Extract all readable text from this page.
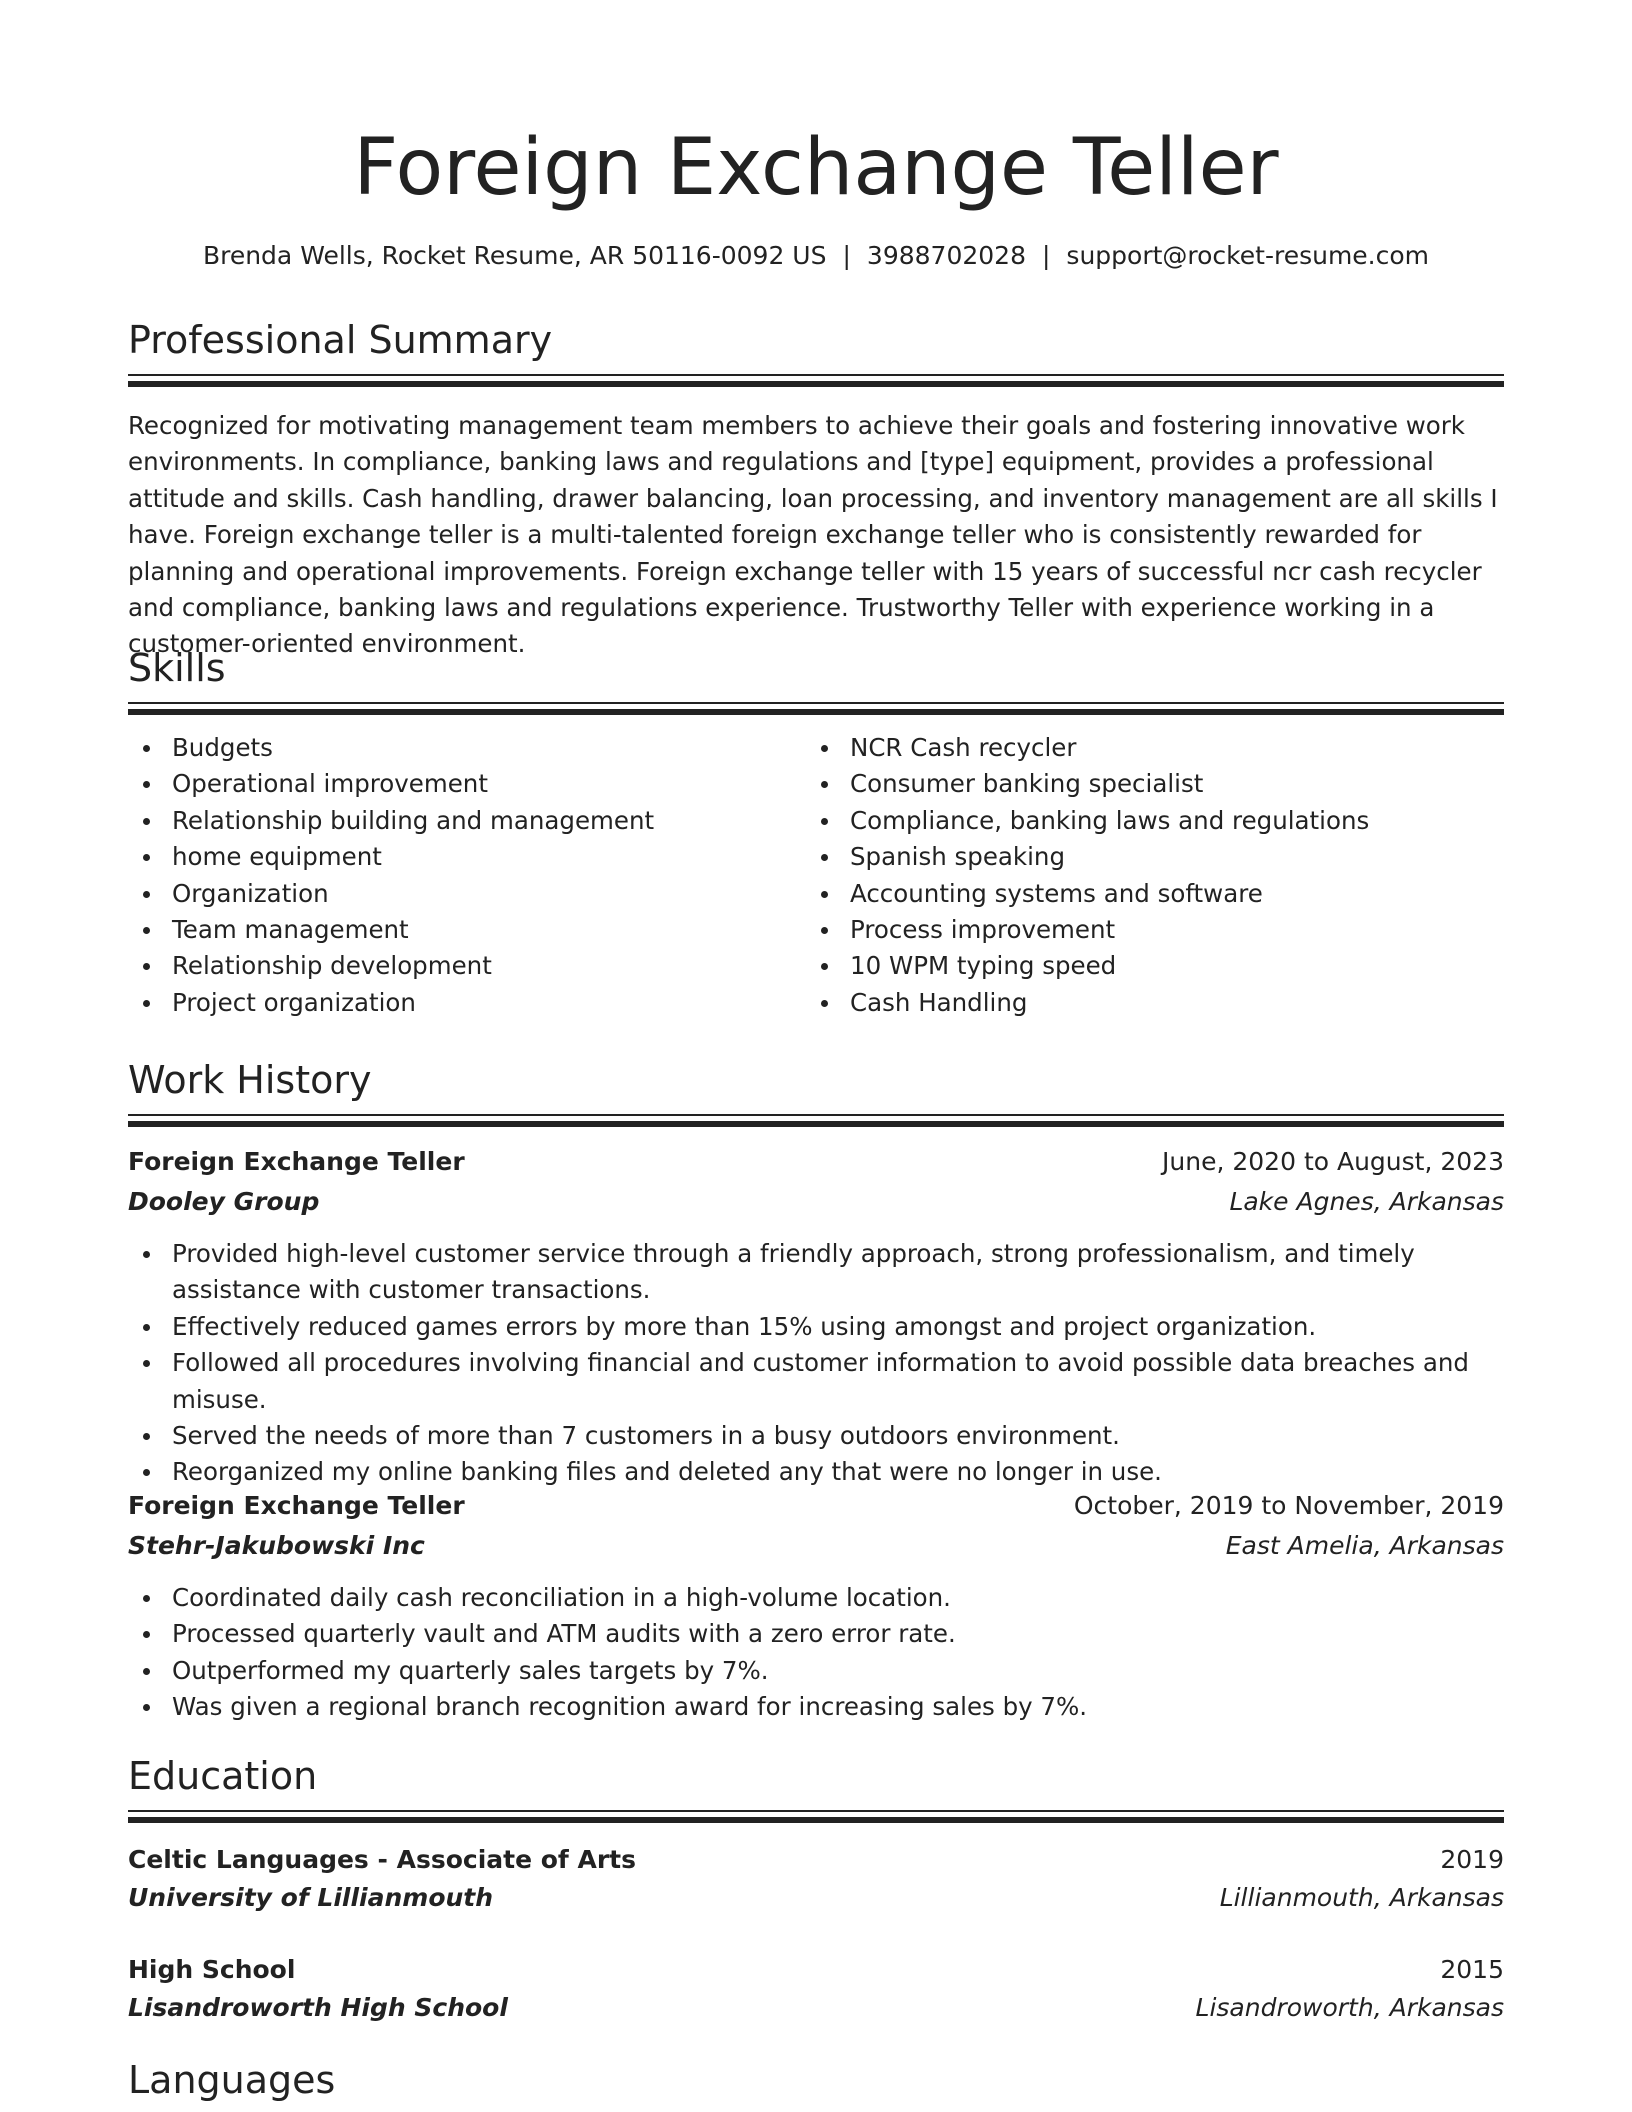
Foreign Exchange Teller
Brenda Wells, Rocket Resume, AR 50116-0092 US | 3988702028 | support@rocket-resume.com
Professional Summary

Recognized for motivating management team members to achieve their goals and fostering innovative work environments. In compliance, banking laws and regulations and [type] equipment, provides a professional attitude and skills. Cash handling, drawer balancing, loan processing, and inventory management are all skills I have. Foreign exchange teller is a multi-talented foreign exchange teller who is consistently rewarded for planning and operational improvements. Foreign exchange teller with 15 years of successful ncr cash recycler and compliance, banking laws and regulations experience. Trustworthy Teller with experience working in a customer-oriented environment.

Skills
Budgets
Operational improvement
Relationship building and management
home equipment
Organization
Team management
Relationship development
Project organization
NCR Cash recycler
Consumer banking specialist
Compliance, banking laws and regulations
Spanish speaking
Accounting systems and software
Process improvement
10 WPM typing speed
Cash Handling
Work History
Foreign Exchange Teller	June, 2020 to August, 2023
Dooley Group	Lake Agnes, Arkansas
Provided high-level customer service through a friendly approach, strong professionalism, and timely assistance with customer transactions.
Effectively reduced games errors by more than 15% using amongst and project organization.
Followed all procedures involving financial and customer information to avoid possible data breaches and misuse.
Served the needs of more than 7 customers in a busy outdoors environment.
Reorganized my online banking files and deleted any that were no longer in use.
Foreign Exchange Teller	October, 2019 to November, 2019
Stehr-Jakubowski Inc	East Amelia, Arkansas
Coordinated daily cash reconciliation in a high-volume location.
Processed quarterly vault and ATM audits with a zero error rate.
Outperformed my quarterly sales targets by 7%.
Was given a regional branch recognition award for increasing sales by 7%.
Education
Celtic Languages - Associate of Arts	2019
University of Lillianmouth	Lillianmouth, Arkansas
High School	2015
Lisandroworth High School	Lisandroworth, Arkansas
Languages
